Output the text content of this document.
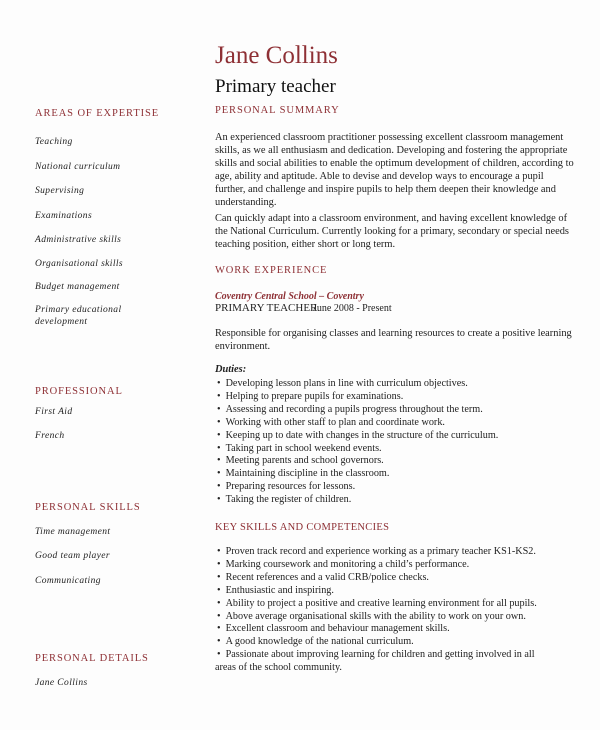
Jane Collins
Primary teacher
AREAS OF EXPERTISE
Teaching
National curriculum
Supervising
Examinations
Administrative skills
Organisational skills
Budget management
Primary educational development
PROFESSIONAL
First Aid
French
PERSONAL SKILLS
Time management
Good team player
Communicating
PERSONAL DETAILS
Jane Collins
PERSONAL SUMMARY

An experienced classroom practitioner possessing excellent classroom management skills, as we all enthusiasm and dedication. Developing and fostering the appropriate skills and social abilities to enable the optimum development of children, according to age, ability and aptitude. Able to devise and develop ways to encourage a pupil further, and challenge and inspire pupils to help them deepen their knowledge and understanding.

Can quickly adapt into a classroom environment, and having excellent knowledge of the National Curriculum. Currently looking for a primary, secondary or special needs teaching position, either short or long term.

WORK EXPERIENCE
Coventry Central School – Coventry
PRIMARY TEACHER
June 2008 - Present
Responsible for organising classes and learning resources to create a positive learning environment.
Duties:
• Developing lesson plans in line with curriculum objectives.
• Helping to prepare pupils for examinations.
• Assessing and recording a pupils progress throughout the term.
• Working with other staff to plan and coordinate work.
• Keeping up to date with changes in the structure of the curriculum.
• Taking part in school weekend events.
• Meeting parents and school governors.
• Maintaining discipline in the classroom.
• Preparing resources for lessons.
• Taking the register of children.
KEY SKILLS AND COMPETENCIES
• Proven track record and experience working as a primary teacher KS1-KS2.
• Marking coursework and monitoring a child’s performance.
• Recent references and a valid CRB/police checks.
• Enthusiastic and inspiring.
• Ability to project a positive and creative learning environment for all pupils.
• Above average organisational skills with the ability to work on your own.
• Excellent classroom and behaviour management skills.
• A good knowledge of the national curriculum.
• Passionate about improving learning for children and getting involved in all
areas of the school community.
